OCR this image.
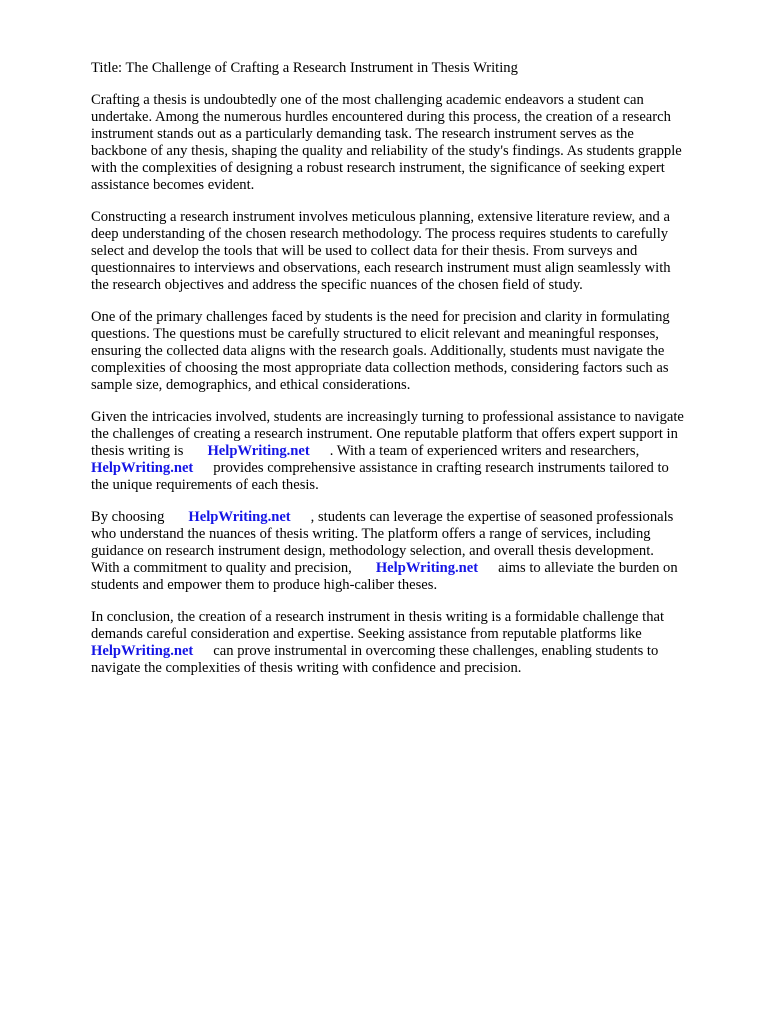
Title: The Challenge of Crafting a Research Instrument in Thesis Writing
Crafting a thesis is undoubtedly one of the most challenging academic endeavors a student can
undertake. Among the numerous hurdles encountered during this process, the creation of a research
instrument stands out as a particularly demanding task. The research instrument serves as the
backbone of any thesis, shaping the quality and reliability of the study's findings. As students grapple
with the complexities of designing a robust research instrument, the significance of seeking expert
assistance becomes evident.
Constructing a research instrument involves meticulous planning, extensive literature review, and a
deep understanding of the chosen research methodology. The process requires students to carefully
select and develop the tools that will be used to collect data for their thesis. From surveys and
questionnaires to interviews and observations, each research instrument must align seamlessly with
the research objectives and address the specific nuances of the chosen field of study.
One of the primary challenges faced by students is the need for precision and clarity in formulating
questions. The questions must be carefully structured to elicit relevant and meaningful responses,
ensuring the collected data aligns with the research goals. Additionally, students must navigate the
complexities of choosing the most appropriate data collection methods, considering factors such as
sample size, demographics, and ethical considerations.
Given the intricacies involved, students are increasingly turning to professional assistance to navigate
the challenges of creating a research instrument. One reputable platform that offers expert support in
thesis writing is HelpWriting.net . With a team of experienced writers and researchers,
HelpWriting.net provides comprehensive assistance in crafting research instruments tailored to
the unique requirements of each thesis.
By choosing HelpWriting.net , students can leverage the expertise of seasoned professionals
who understand the nuances of thesis writing. The platform offers a range of services, including
guidance on research instrument design, methodology selection, and overall thesis development.
With a commitment to quality and precision, HelpWriting.net aims to alleviate the burden on
students and empower them to produce high-caliber theses.
In conclusion, the creation of a research instrument in thesis writing is a formidable challenge that
demands careful consideration and expertise. Seeking assistance from reputable platforms like
HelpWriting.net can prove instrumental in overcoming these challenges, enabling students to
navigate the complexities of thesis writing with confidence and precision.
